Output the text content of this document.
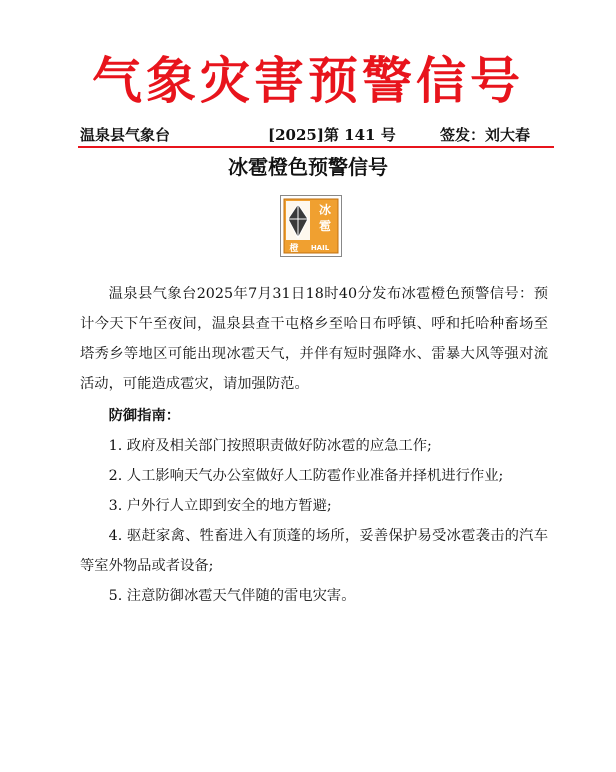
气象灾害预警信号
温泉县气象台	[2025]第 141 号	签发：刘大春
冰雹橙色预警信号
冰
雹
橙 HAIL

温泉县气象台2025年7月31日18时40分发布冰雹橙色预警信号：预计今天下午至夜间，温泉县查干屯格乡至哈日布呼镇、呼和托哈种畜场至塔秀乡等地区可能出现冰雹天气，并伴有短时强降水、雷暴大风等强对流活动，可能造成雹灾，请加强防范。

防御指南：
1. 政府及相关部门按照职责做好防冰雹的应急工作;
2. 人工影响天气办公室做好人工防雹作业准备并择机进行作业;
3. 户外行人立即到安全的地方暂避;
4. 驱赶家禽、牲畜进入有顶蓬的场所，妥善保护易受冰雹袭击的汽车等室外物品或者设备;
5. 注意防御冰雹天气伴随的雷电灾害。
